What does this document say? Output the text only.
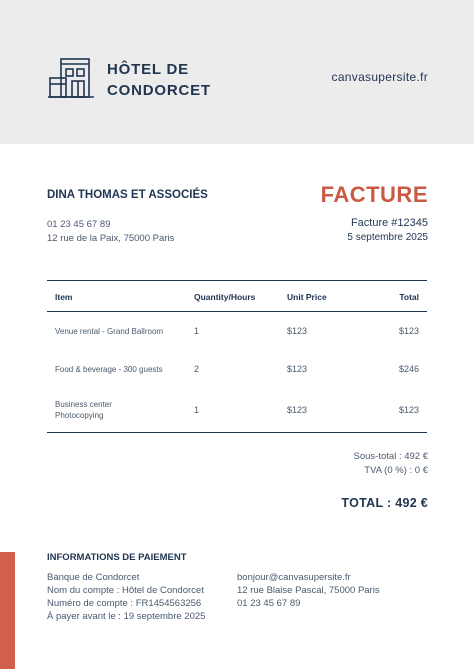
HÔTEL DE
CONDORCET
canvasupersite.fr
DINA THOMAS ET ASSOCIÉS
01 23 45 67 89
12 rue de la Paix, 75000 Paris
FACTURE
Facture #12345
5 septembre 2025
Item	Quantity/Hours	Unit Price	Total
Venue rental - Grand Ballroom	1	$123	$123
Food & beverage - 300 guests	2	$123	$246
Business center
Photocopying
1	$123	$123
Sous-total : 492 €
TVA (0 %) : 0 €
TOTAL : 492 €
INFORMATIONS DE PAIEMENT
Banque de Condorcet
Nom du compte : Hôtel de Condorcet
Numéro de compte : FR1454563256
À payer avant le : 19 septembre 2025
bonjour@canvasupersite.fr
12 rue Blaise Pascal, 75000 Paris
01 23 45 67 89
